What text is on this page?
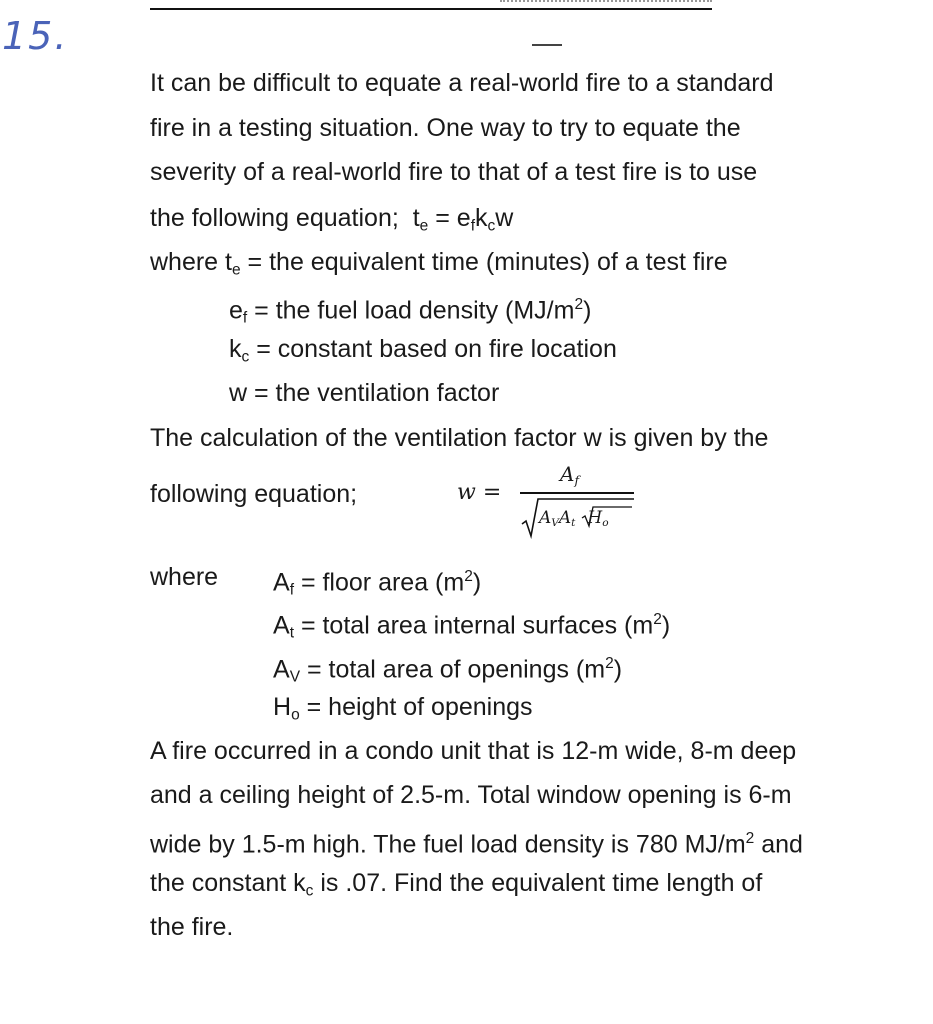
15.
It can be difficult to equate a real-world fire to a standard
fire in a testing situation. One way to try to equate the
severity of a real-world fire to that of a test fire is to use
the following equation; $t_e = e_fk_cw$
where $t_e$ = the equivalent time (minutes) of a test fire
$e_f$ = the fuel load density $(MJ/m^2)$
$k_c$ = constant based on fire location
w = the ventilation factor
The calculation of the ventilation factor w is given by the
following equation;	w =
$A_f$
$A_VA_t$ $H_o$
where $A_f$ = floor area $(m^2)$
$A_t$ = total area internal surfaces $(m^2)$
$A_V$ = total area of openings $(m^2)$
$H_o$ = height of openings
A fire occurred in a condo unit that is 12-m wide, 8-m deep
and a ceiling height of 2.5-m. Total window opening is 6-m
wide by 1.5-m high. The fuel load density is 780 $MJ/m^2$ and
the constant $k_c$ is .07. Find the equivalent time length of
the fire.
